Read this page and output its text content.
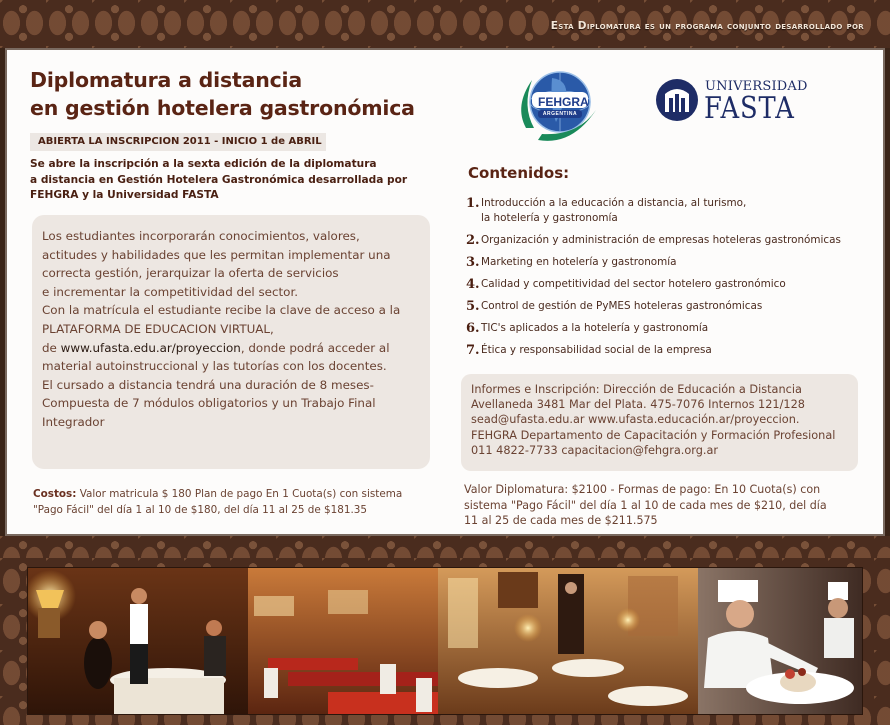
Esta Diplomatura es un programa conjunto desarrollado por
Diplomatura a distancia
en gestión hotelera gastronómica
ABIERTA LA INSCRIPCION 2011 - INICIO 1 de ABRIL
Se abre la inscripción a la sexta edición de la diplomatura
a distancia en Gestión Hotelera Gastronómica desarrollada por
FEHGRA y la Universidad FASTA

Los estudiantes incorporarán conocimientos, valores,
actitudes y habilidades que les permitan implementar una
correcta gestión, jerarquizar la oferta de servicios
e incrementar la competitividad del sector.
Con la matrícula el estudiante recibe la clave de acceso a la
PLATAFORMA DE EDUCACION VIRTUAL,
de www.ufasta.edu.ar/proyeccion, donde podrá acceder al
material autoinstruccional y las tutorías con los docentes.
El cursado a distancia tendrá una duración de 8 meses-
Compuesta de 7 módulos obligatorios y un Trabajo Final
Integrador

Costos: Valor matricula $ 180 Plan de pago En 1 Cuota(s) con sistema
"Pago Fácil" del día 1 al 10 de $180, del día 11 al 25 de $181.35
FEHGRA
ARGENTINA
UNIVERSIDAD
FASTA
Contenidos:
1. Introducción a la educación a distancia, al turismo,
la hotelería y gastronomía
2. Organización y administración de empresas hoteleras gastronómicas
3. Marketing en hotelería y gastronomía
4. Calidad y competitividad del sector hotelero gastronómico
5. Control de gestión de PyMES hoteleras gastronómicas
6. TIC's aplicados a la hotelería y gastronomía
7. Ética y responsabilidad social de la empresa
Informes e Inscripción: Dirección de Educación a Distancia
Avellaneda 3481 Mar del Plata. 475-7076 Internos 121/128
sead@ufasta.edu.ar www.ufasta.educación.ar/proyeccion.
FEHGRA Departamento de Capacitación y Formación Profesional
011 4822-7733 capacitacion@fehgra.org.ar
Valor Diplomatura: $2100 - Formas de pago: En 10 Cuota(s) con
sistema "Pago Fácil" del día 1 al 10 de cada mes de $210, del día
11 al 25 de cada mes de $211.575
